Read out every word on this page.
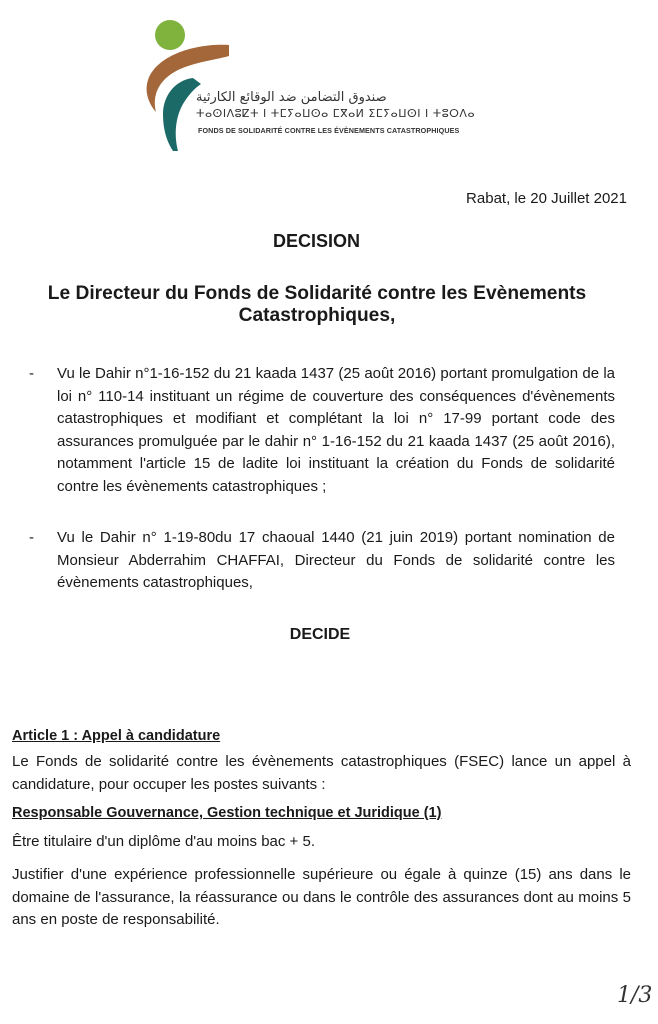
صندوق التضامن ضد الوقائع الكارثية
ⵜⴰⵙⵏⴷⵓⵇⵜ ⵏ ⵜⵎⵢⴰⵡⵙⴰ ⵎⴳⴰⵍ ⵉⵎⵢⴰⵡⵙⵏ ⵏ ⵜⵓⵔⴷⴰ
FONDS DE SOLIDARITÉ CONTRE LES ÉVÈNEMENTS CATASTROPHIQUES
Rabat, le 20 Juillet 2021
DECISION
Le Directeur du Fonds de Solidarité contre les Evènements
Catastrophiques,
- Vu le Dahir n°1-16-152 du 21 kaada 1437 (25 août 2016) portant promulgation de la loi n° 110-14 instituant un régime de couverture des conséquences d'évènements catastrophiques et modifiant et complétant la loi n° 17-99 portant code des assurances promulguée par le dahir n° 1-16-152 du 21 kaada 1437 (25 août 2016), notamment l'article 15 de ladite loi instituant la création du Fonds de solidarité contre les évènements catastrophiques ;
- Vu le Dahir n° 1-19-80du 17 chaoual 1440 (21 juin 2019) portant nomination de Monsieur Abderrahim CHAFFAI, Directeur du Fonds de solidarité contre les évènements catastrophiques,
DECIDE
Article 1 : Appel à candidature
Le Fonds de solidarité contre les évènements catastrophiques (FSEC) lance un appel à candidature, pour occuper les postes suivants :
Responsable Gouvernance, Gestion technique et Juridique (1)
Être titulaire d'un diplôme d'au moins bac + 5.
Justifier d'une expérience professionnelle supérieure ou égale à quinze (15) ans dans le domaine de l'assurance, la réassurance ou dans le contrôle des assurances dont au moins 5 ans en poste de responsabilité.
1/3
